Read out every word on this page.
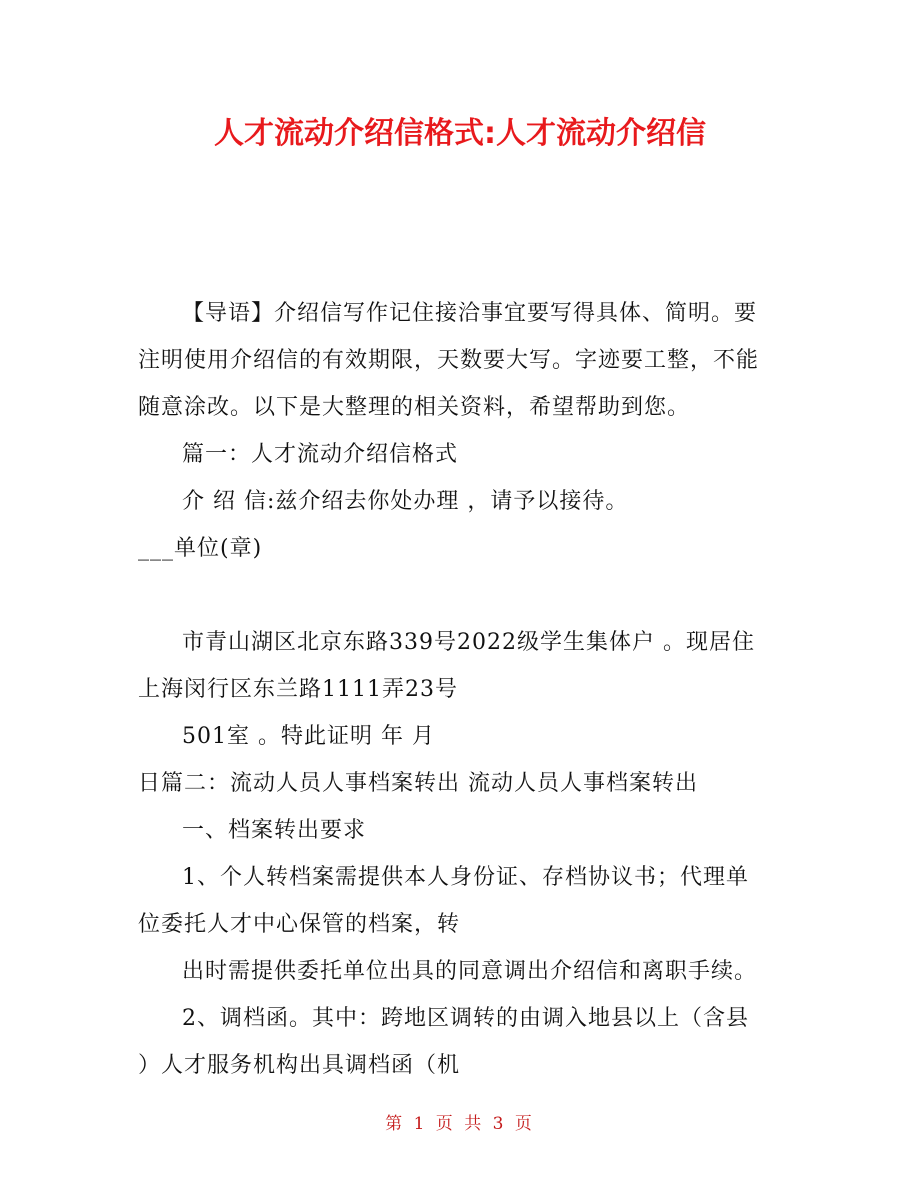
人才流动介绍信格式:人才流动介绍信
【导语】介绍信写作记住接洽事宜要写得具体、简明。要
注明使用介绍信的有效期限，天数要大写。字迹要工整，不能
随意涂改。以下是大整理的相关资料，希望帮助到您。
篇一：人才流动介绍信格式
介 绍 信:兹介绍去你处办理 ，请予以接待。
___单位(章)
市青山湖区北京东路339号2022级学生集体户 。现居住
上海闵行区东兰路1111弄23号
501室 。特此证明 年 月
日篇二：流动人员人事档案转出 流动人员人事档案转出
一、档案转出要求
1、个人转档案需提供本人身份证、存档协议书；代理单
位委托人才中心保管的档案，转
出时需提供委托单位出具的同意调出介绍信和离职手续。
2、调档函。其中：跨地区调转的由调入地县以上（含县
）人才服务机构出具调档函（机
第 1 页 共 3 页
